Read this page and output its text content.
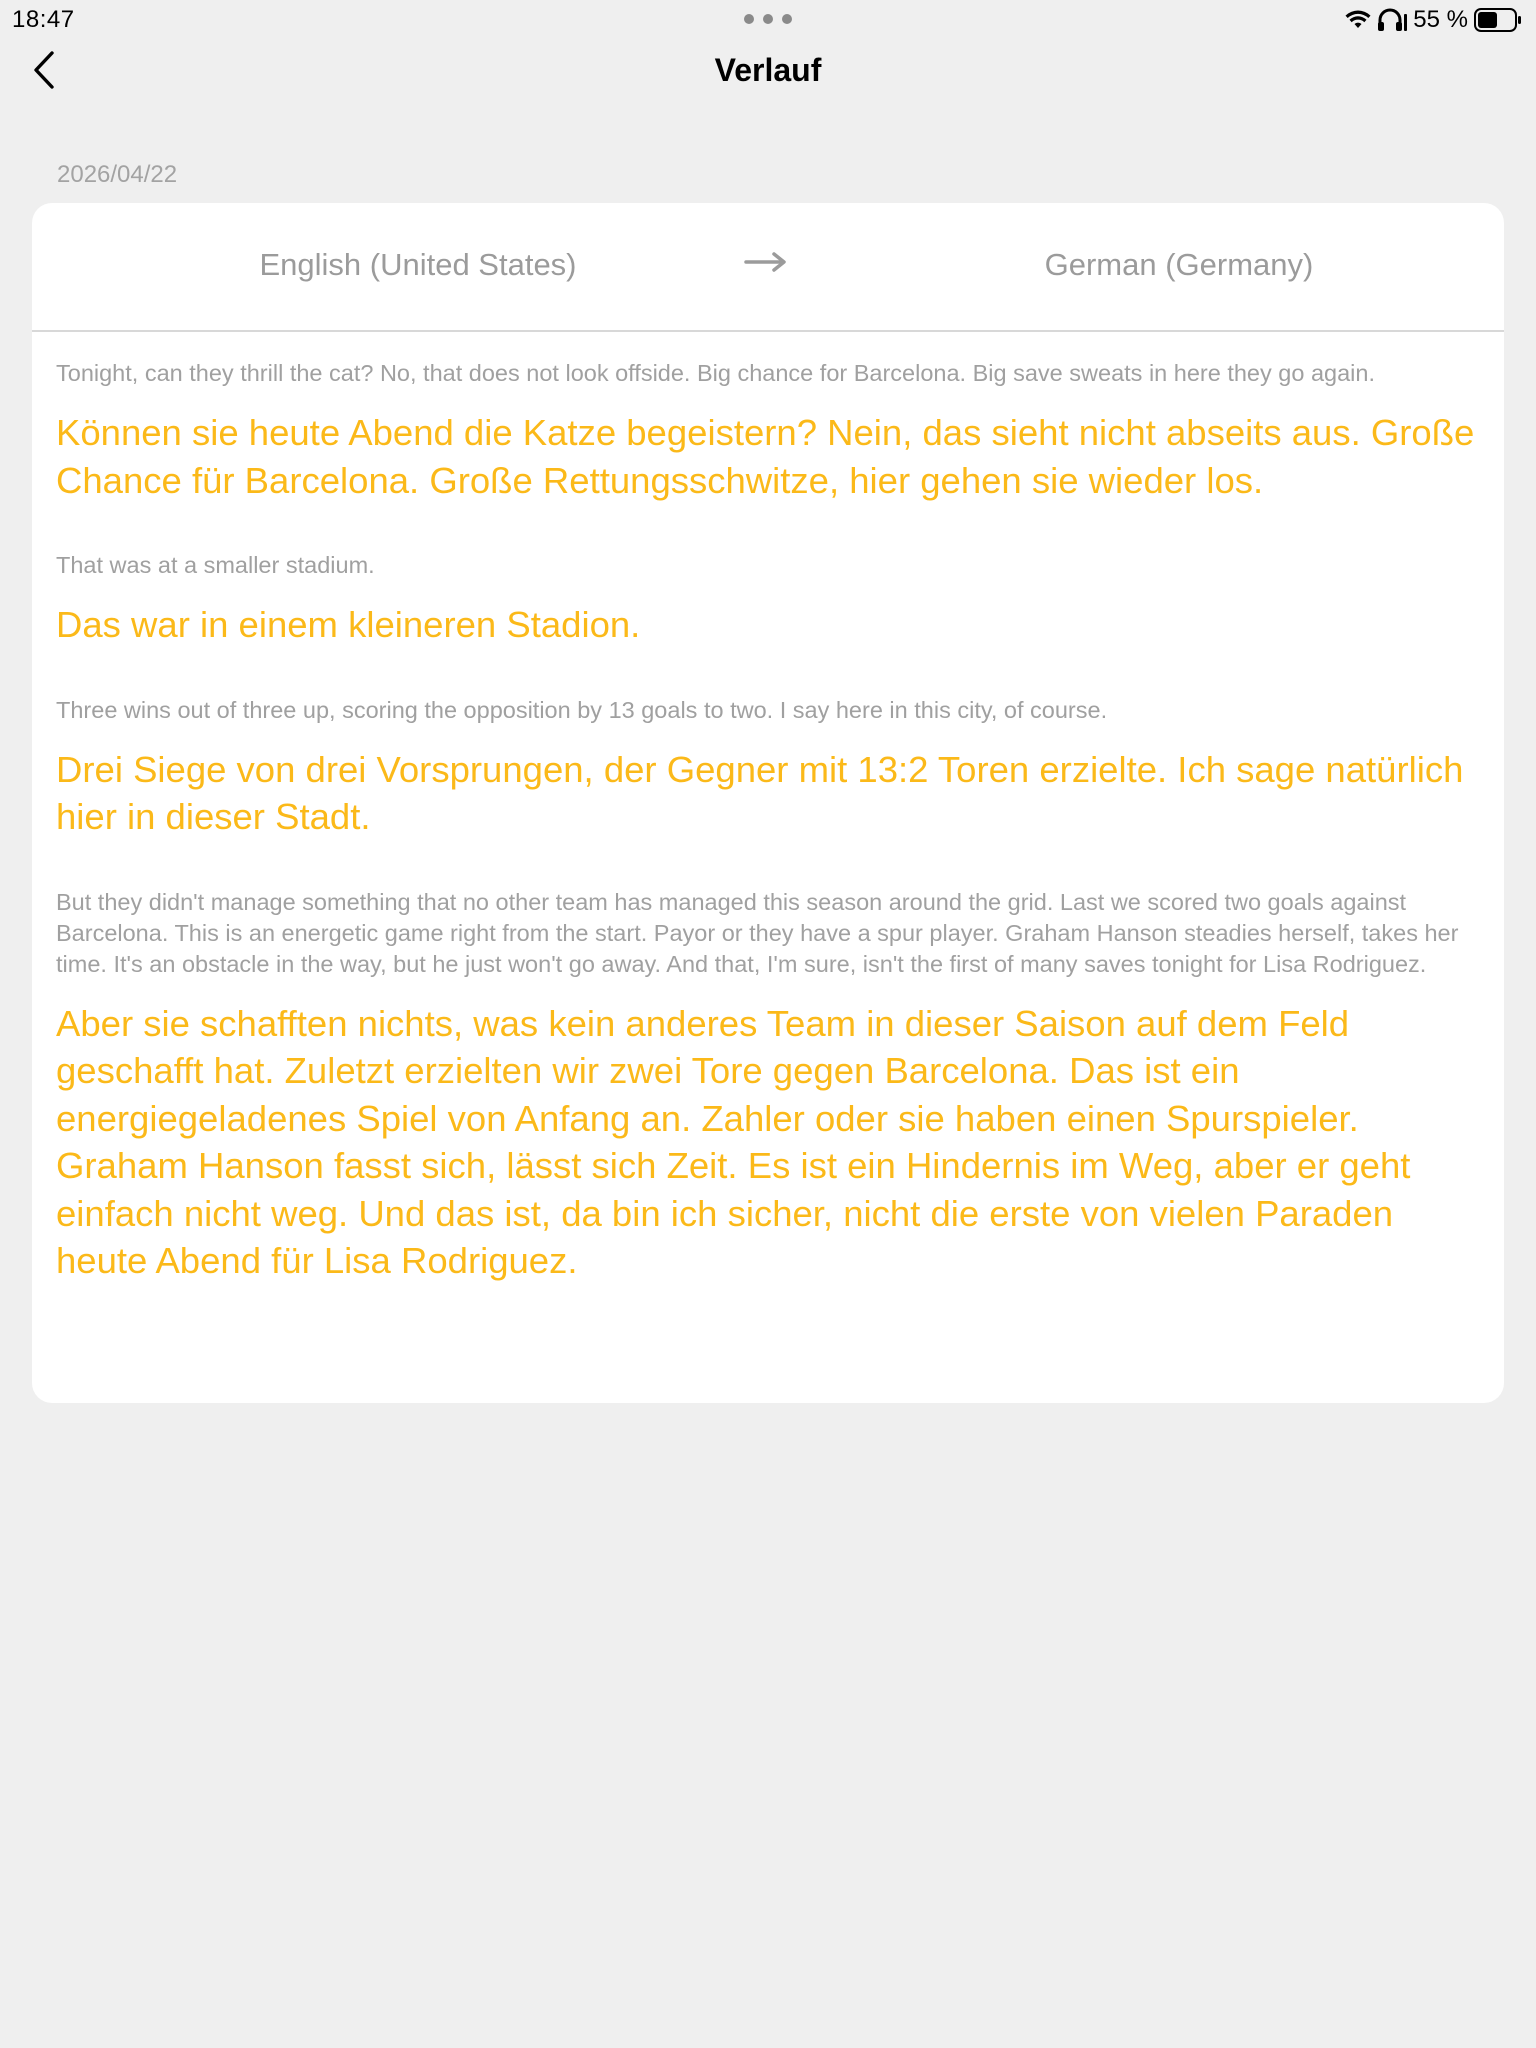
18:47	55 %
Verlauf
2026/04/22
English (United States)	German (Germany)

Tonight, can they thrill the cat? No, that does not look offside. Big chance for Barcelona. Big save sweats in here they go again.

Können sie heute Abend die Katze begeistern? Nein, das sieht nicht abseits aus. Große Chance für Barcelona. Große Rettungsschwitze, hier gehen sie wieder los.

That was at a smaller stadium.

Das war in einem kleineren Stadion.

Three wins out of three up, scoring the opposition by 13 goals to two. I say here in this city, of course.

Drei Siege von drei Vorsprungen, der Gegner mit 13:2 Toren erzielte. Ich sage natürlich hier in dieser Stadt.

But they didn't manage something that no other team has managed this season around the grid. Last we scored two goals against Barcelona. This is an energetic game right from the start. Payor or they have a spur player. Graham Hanson steadies herself, takes her time. It's an obstacle in the way, but he just won't go away. And that, I'm sure, isn't the first of many saves tonight for Lisa Rodriguez.

Aber sie schafften nichts, was kein anderes Team in dieser Saison auf dem Feld geschafft hat. Zuletzt erzielten wir zwei Tore gegen Barcelona. Das ist ein energiegeladenes Spiel von Anfang an. Zahler oder sie haben einen Spurspieler. Graham Hanson fasst sich, lässt sich Zeit. Es ist ein Hindernis im Weg, aber er geht einfach nicht weg. Und das ist, da bin ich sicher, nicht die erste von vielen Paraden heute Abend für Lisa Rodriguez.
